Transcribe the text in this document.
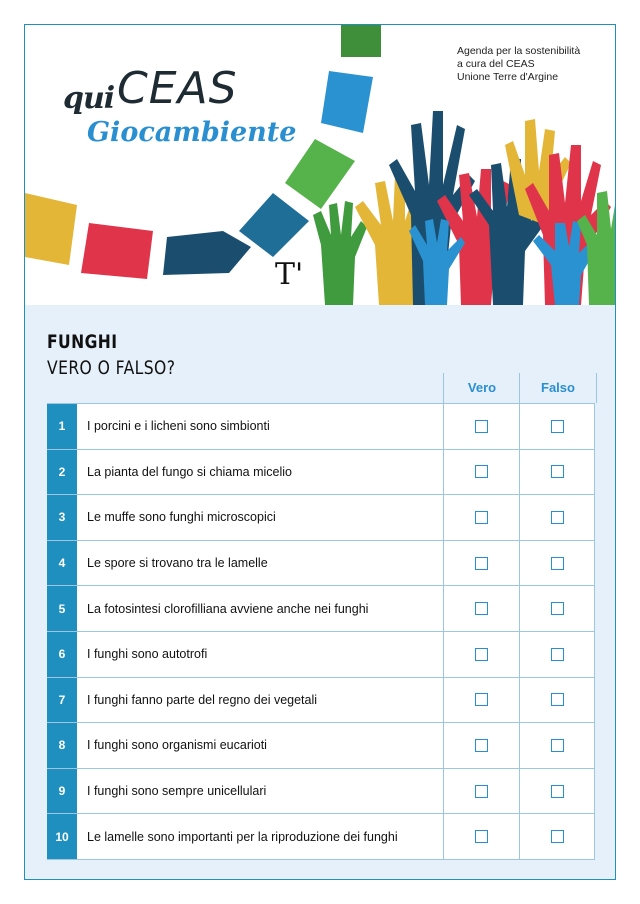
qui CEAS
Giocambiente
Agenda per la sostenibilità
a cura del CEAS
Unione Terre d'Argine
T'
FUNGHI
VERO O FALSO?
Vero	Falso
1	I porcini e i licheni sono simbionti
2	La pianta del fungo si chiama micelio
3	Le muffe sono funghi microscopici
4	Le spore si trovano tra le lamelle
5	La fotosintesi clorofilliana avviene anche nei funghi
6	I funghi sono autotrofi
7	I funghi fanno parte del regno dei vegetali
8	I funghi sono organismi eucarioti
9	I funghi sono sempre unicellulari
10	Le lamelle sono importanti per la riproduzione dei funghi
